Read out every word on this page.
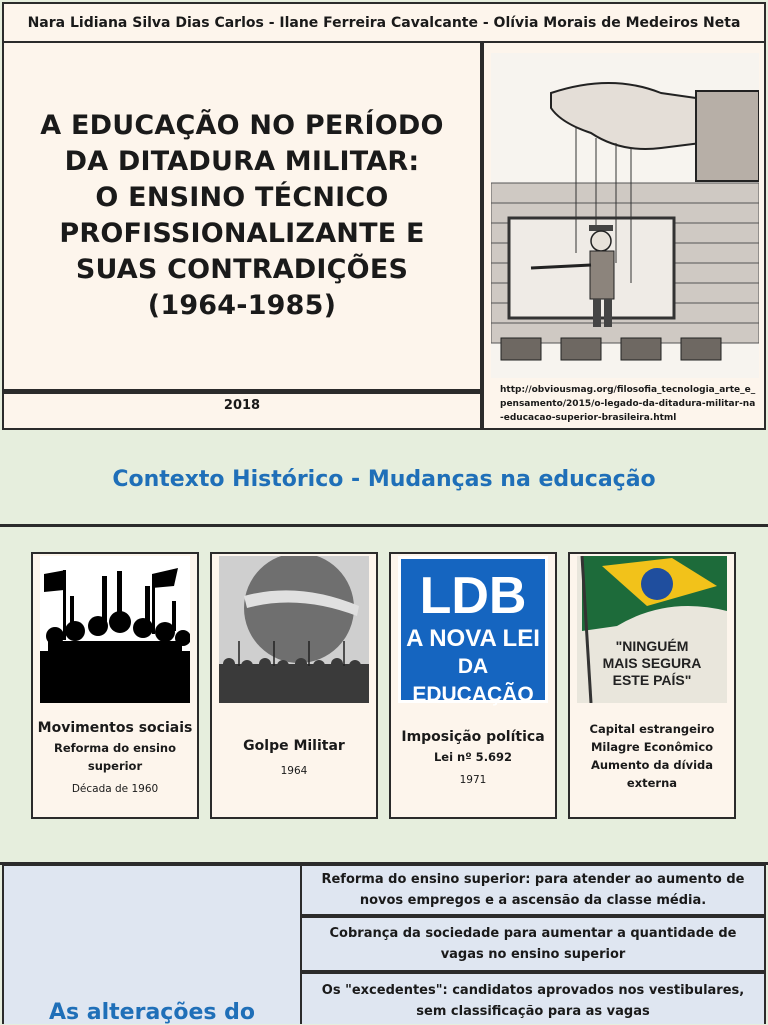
Nara Lidiana Silva Dias Carlos - Ilane Ferreira Cavalcante - Olívia Morais de Medeiros Neta
A EDUCAÇÃO NO PERÍODO
DA DITADURA MILITAR:
O ENSINO TÉCNICO
PROFISSIONALIZANTE E
SUAS CONTRADIÇÕES
(1964-1985)
2018
http://obviousmag.org/filosofia_tecnologia_arte_e_pensamento/2015/o-legado-da-ditadura-militar-na-educacao-superior-brasileira.html
Contexto Histórico - Mudanças na educação
Movimentos sociais
Reforma do ensino superior
Década de 1960
Golpe Militar
1964
LDB
A NOVA LEI
DA EDUCAÇÃO
Imposição política
Lei nº 5.692
1971
"NINGUÉM
MAIS SEGURA
ESTE PAÍS"
Capital estrangeiro
Milagre Econômico
Aumento da dívida externa
As alterações do
Reforma do ensino superior: para atender ao aumento de novos empregos e a ascensão da classe média.
Cobrança da sociedade para aumentar a quantidade de vagas no ensino superior
Os "excedentes": candidatos aprovados nos vestibulares, sem classificação para as vagas
